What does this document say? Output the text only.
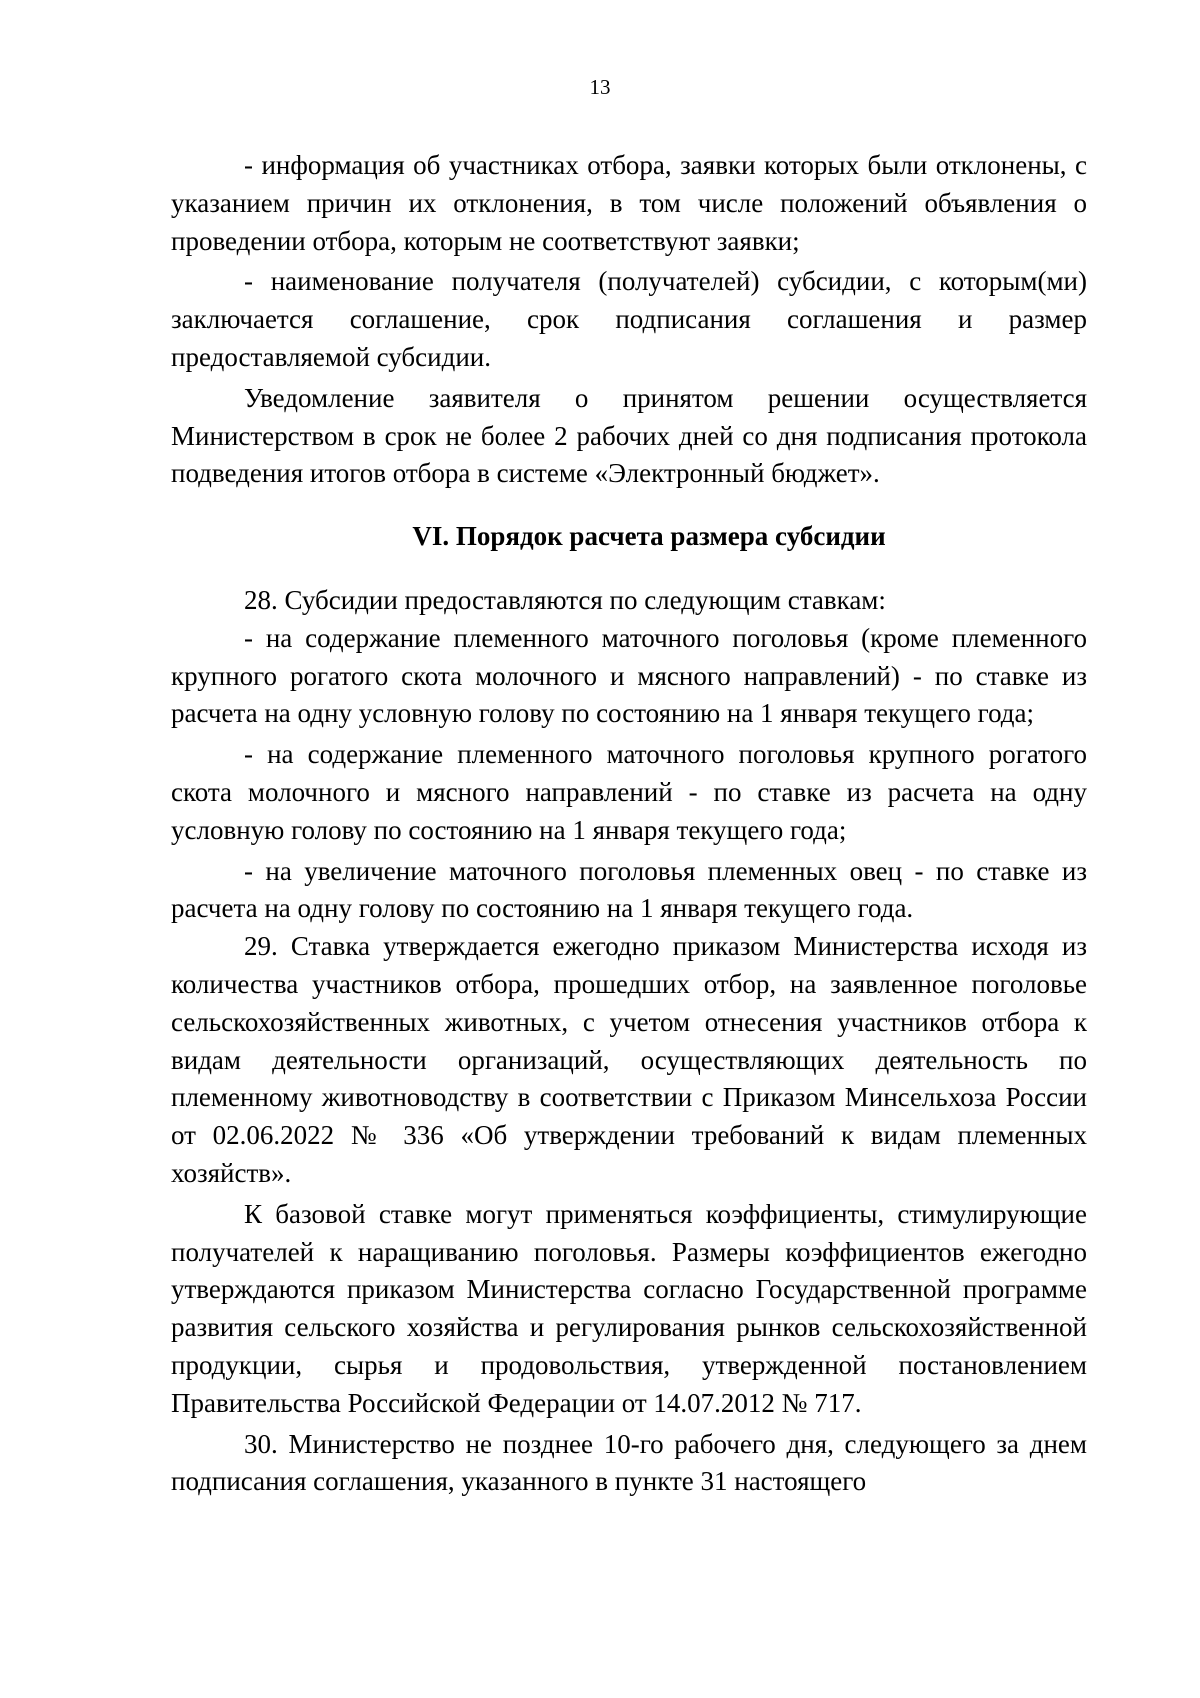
13

- информация об участниках отбора, заявки которых были отклонены, с указанием причин их отклонения, в том числе положений объявления о проведении отбора, которым не соответствуют заявки;

- наименование получателя (получателей) субсидии, с которым(ми) заключается соглашение, срок подписания соглашения и размер предоставляемой субсидии.

Уведомление заявителя о принятом решении осуществляется Министерством в срок не более 2 рабочих дней со дня подписания протокола подведения итогов отбора в системе «Электронный бюджет».

VI. Порядок расчета размера субсидии

28. Субсидии предоставляются по следующим ставкам:

- на содержание племенного маточного поголовья (кроме племенного крупного рогатого скота молочного и мясного направлений) - по ставке из расчета на одну условную голову по состоянию на 1 января текущего года;

- на содержание племенного маточного поголовья крупного рогатого скота молочного и мясного направлений - по ставке из расчета на одну условную голову по состоянию на 1 января текущего года;

- на увеличение маточного поголовья племенных овец - по ставке из расчета на одну голову по состоянию на 1 января текущего года.

29. Ставка утверждается ежегодно приказом Министерства исходя из количества участников отбора, прошедших отбор, на заявленное поголовье сельскохозяйственных животных, с учетом отнесения участников отбора к видам деятельности организаций, осуществляющих деятельность по племенному животноводству в соответствии с Приказом Минсельхоза России от 02.06.2022 № 336 «Об утверждении требований к видам племенных хозяйств».

К базовой ставке могут применяться коэффициенты, стимулирующие получателей к наращиванию поголовья. Размеры коэффициентов ежегодно утверждаются приказом Министерства согласно Государственной программе развития сельского хозяйства и регулирования рынков сельскохозяйственной продукции, сырья и продовольствия, утвержденной постановлением Правительства Российской Федерации от 14.07.2012 № 717.

30. Министерство не позднее 10-го рабочего дня, следующего за днем подписания соглашения, указанного в пункте 31 настоящего
